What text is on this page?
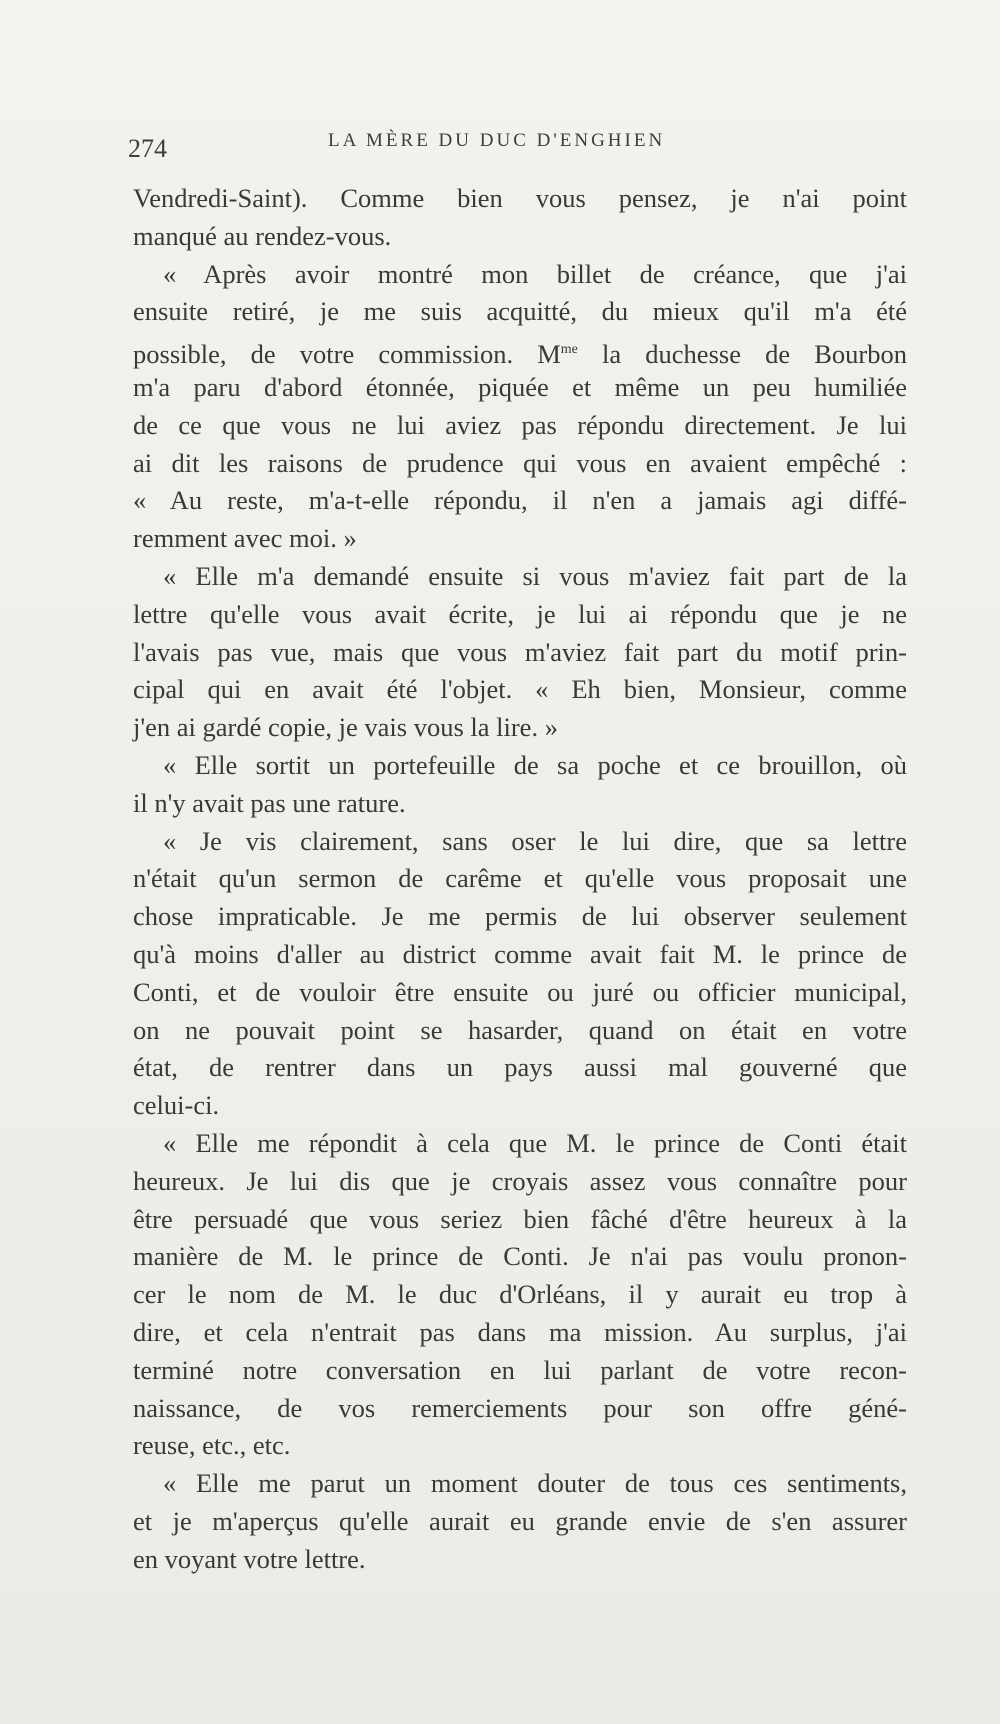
274	LA MÈRE DU DUC D'ENGHIEN
Vendredi-Saint). Comme bien vous pensez, je n'ai point
manqué au rendez-vous.
« Après avoir montré mon billet de créance, que j'ai
ensuite retiré, je me suis acquitté, du mieux qu'il m'a été
possible, de votre commission. $M^{me}$ la duchesse de Bourbon
m'a paru d'abord étonnée, piquée et même un peu humiliée
de ce que vous ne lui aviez pas répondu directement. Je lui
ai dit les raisons de prudence qui vous en avaient empêché :
« Au reste, m'a-t-elle répondu, il n'en a jamais agi diffé-
remment avec moi. »
« Elle m'a demandé ensuite si vous m'aviez fait part de la
lettre qu'elle vous avait écrite, je lui ai répondu que je ne
l'avais pas vue, mais que vous m'aviez fait part du motif prin-
cipal qui en avait été l'objet. « Eh bien, Monsieur, comme
j'en ai gardé copie, je vais vous la lire. »
« Elle sortit un portefeuille de sa poche et ce brouillon, où
il n'y avait pas une rature.
« Je vis clairement, sans oser le lui dire, que sa lettre
n'était qu'un sermon de carême et qu'elle vous proposait une
chose impraticable. Je me permis de lui observer seulement
qu'à moins d'aller au district comme avait fait M. le prince de
Conti, et de vouloir être ensuite ou juré ou officier municipal,
on ne pouvait point se hasarder, quand on était en votre
état, de rentrer dans un pays aussi mal gouverné que
celui-ci.
« Elle me répondit à cela que M. le prince de Conti était
heureux. Je lui dis que je croyais assez vous connaître pour
être persuadé que vous seriez bien fâché d'être heureux à la
manière de M. le prince de Conti. Je n'ai pas voulu pronon-
cer le nom de M. le duc d'Orléans, il y aurait eu trop à
dire, et cela n'entrait pas dans ma mission. Au surplus, j'ai
terminé notre conversation en lui parlant de votre recon-
naissance, de vos remerciements pour son offre géné-
reuse, etc., etc.
« Elle me parut un moment douter de tous ces sentiments,
et je m'aperçus qu'elle aurait eu grande envie de s'en assurer
en voyant votre lettre.
